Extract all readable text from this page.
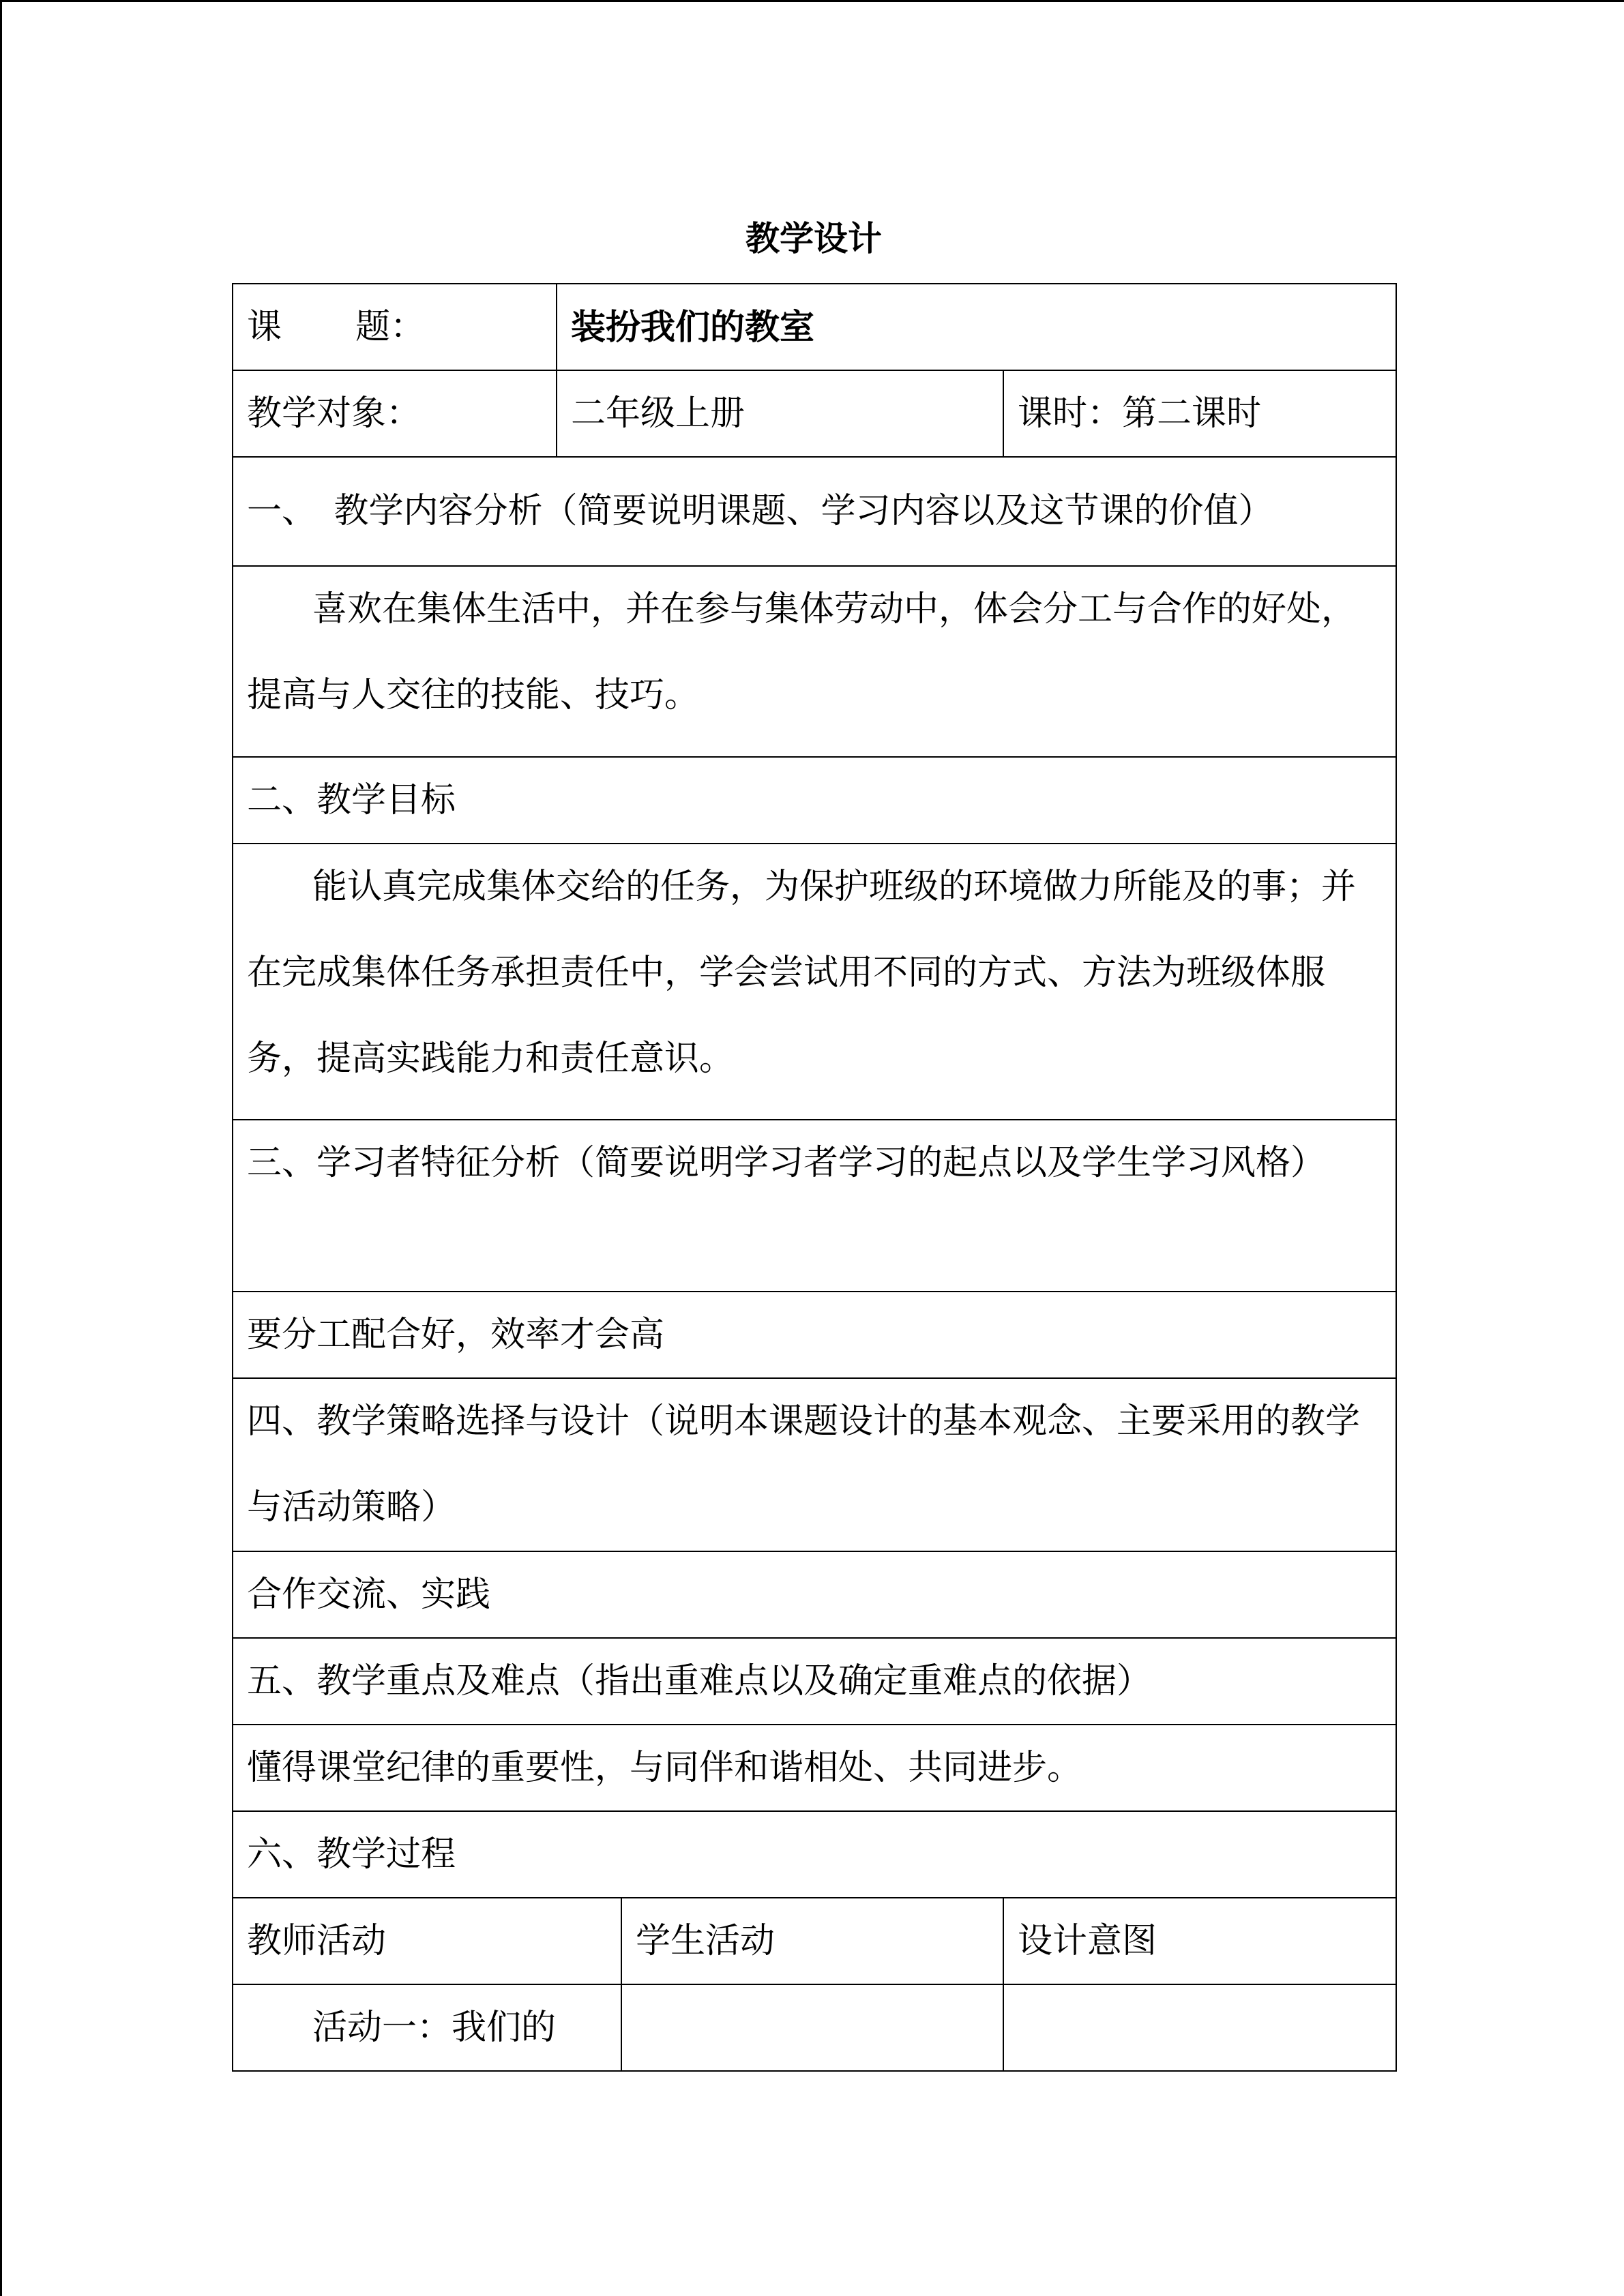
教学设计
课 题：	装扮我们的教室		
教学对象：	二年级上册		课时：第二课时
一、　教学内容分析（简要说明课题、学习内容以及这节课的价值）			
喜欢在集体生活中，并在参与集体劳动中，体会分工与合作的好处，提高与人交往的技能、技巧。			
二、教学目标			
能认真完成集体交给的任务，为保护班级的环境做力所能及的事；并在完成集体任务承担责任中，学会尝试用不同的方式、方法为班级体服务，提高实践能力和责任意识。			
三、学习者特征分析（简要说明学习者学习的起点以及学生学习风格）			
要分工配合好，效率才会高			
四、教学策略选择与设计（说明本课题设计的基本观念、主要采用的教学与活动策略）			
合作交流、实践			
五、教学重点及难点（指出重难点以及确定重难点的依据）			
懂得课堂纪律的重要性，与同伴和谐相处、共同进步。			
六、教学过程			
教师活动		学生活动	设计意图
活动一：我们的			
